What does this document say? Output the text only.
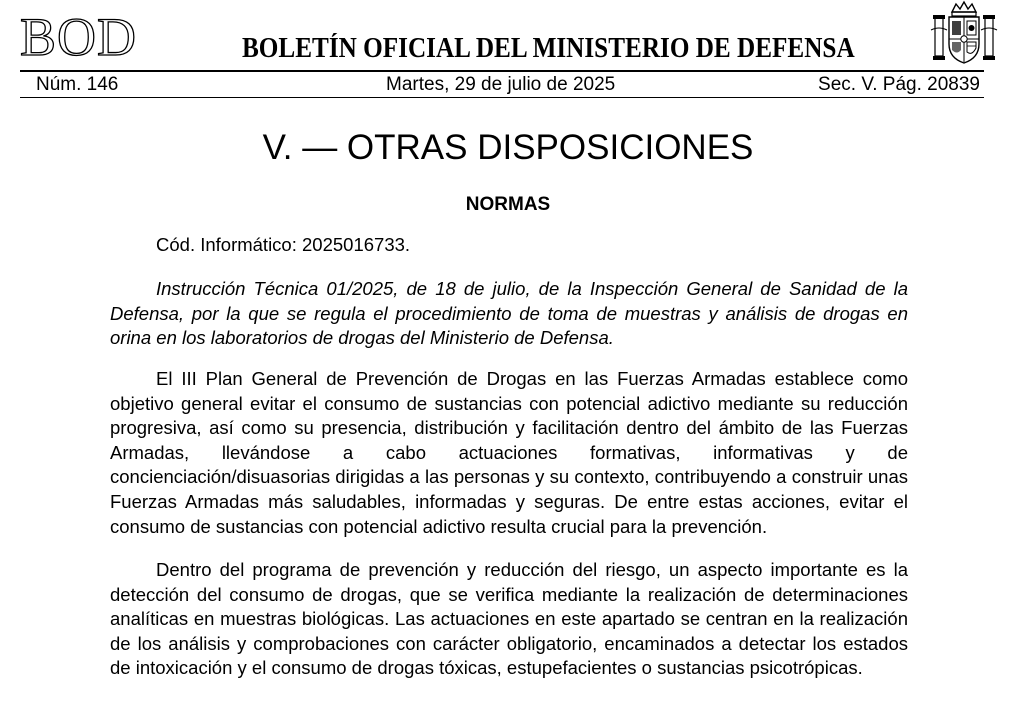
BOD	BOLETÍN OFICIAL DEL MINISTERIO DE DEFENSA
Núm. 146	Martes, 29 de julio de 2025	Sec. V. Pág. 20839
V. — OTRAS DISPOSICIONES
NORMAS
Cód. Informático: 2025016733.
Instrucción Técnica 01/2025, de 18 de julio, de la Inspección General de Sanidad de la Defensa, por la que se regula el procedimiento de toma de muestras y análisis de drogas en orina en los laboratorios de drogas del Ministerio de Defensa.
El III Plan General de Prevención de Drogas en las Fuerzas Armadas establece como objetivo general evitar el consumo de sustancias con potencial adictivo mediante su reducción progresiva, así como su presencia, distribución y facilitación dentro del ámbito de las Fuerzas Armadas, llevándose a cabo actuaciones formativas, informativas y de concienciación/disuasorias dirigidas a las personas y su contexto, contribuyendo a construir unas Fuerzas Armadas más saludables, informadas y seguras. De entre estas acciones, evitar el consumo de sustancias con potencial adictivo resulta crucial para la prevención.
Dentro del programa de prevención y reducción del riesgo, un aspecto importante es la detección del consumo de drogas, que se verifica mediante la realización de determinaciones analíticas en muestras biológicas. Las actuaciones en este apartado se centran en la realización de los análisis y comprobaciones con carácter obligatorio, encaminados a detectar los estados de intoxicación y el consumo de drogas tóxicas, estupefacientes o sustancias psicotrópicas.
